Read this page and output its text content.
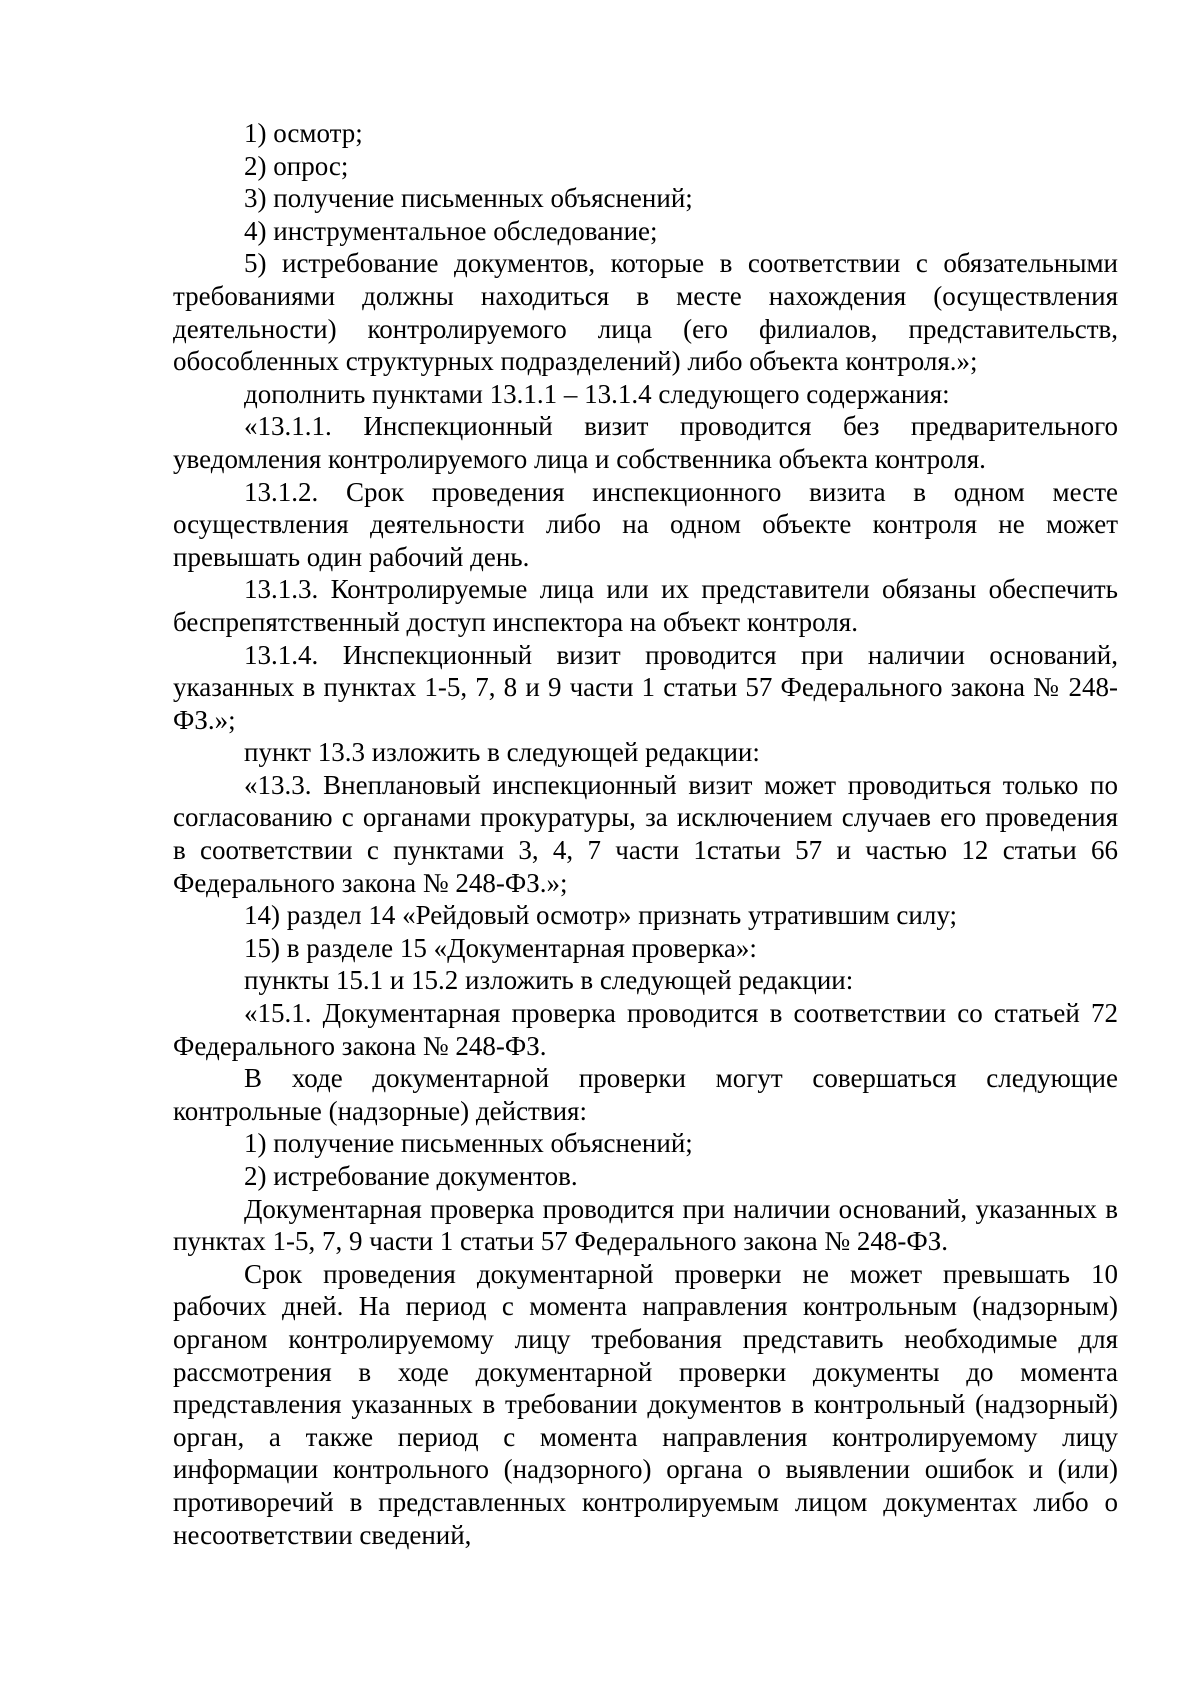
1) осмотр;

2) опрос;

3) получение письменных объяснений;

4) инструментальное обследование;

5) истребование документов, которые в соответствии с обязательными требованиями должны находиться в месте нахождения (осуществления деятельности) контролируемого лица (его филиалов, представительств, обособленных структурных подразделений) либо объекта контроля.»;

дополнить пунктами 13.1.1 – 13.1.4 следующего содержания:

«13.1.1. Инспекционный визит проводится без предварительного уведомления контролируемого лица и собственника объекта контроля.

13.1.2. Срок проведения инспекционного визита в одном месте осуществления деятельности либо на одном объекте контроля не может превышать один рабочий день.

13.1.3. Контролируемые лица или их представители обязаны обеспечить беспрепятственный доступ инспектора на объект контроля.

13.1.4. Инспекционный визит проводится при наличии оснований, указанных в пунктах 1-5, 7, 8 и 9 части 1 статьи 57 Федерального закона № 248-ФЗ.»;

пункт 13.3 изложить в следующей редакции:

«13.3. Внеплановый инспекционный визит может проводиться только по согласованию с органами прокуратуры, за исключением случаев его проведения в соответствии с пунктами 3, 4, 7 части 1статьи 57 и частью 12 статьи 66 Федерального закона № 248-ФЗ.»;

14) раздел 14 «Рейдовый осмотр» признать утратившим силу;

15) в разделе 15 «Документарная проверка»:

пункты 15.1 и 15.2 изложить в следующей редакции:

«15.1. Документарная проверка проводится в соответствии со статьей 72 Федерального закона № 248-ФЗ.

В ходе документарной проверки могут совершаться следующие контрольные (надзорные) действия:

1) получение письменных объяснений;

2) истребование документов.

Документарная проверка проводится при наличии оснований, указанных в пунктах 1-5, 7, 9 части 1 статьи 57 Федерального закона № 248-ФЗ.

Срок проведения документарной проверки не может превышать 10 рабочих дней. На период с момента направления контрольным (надзорным) органом контролируемому лицу требования представить необходимые для рассмотрения в ходе документарной проверки документы до момента представления указанных в требовании документов в контрольный (надзорный) орган, а также период с момента направления контролируемому лицу информации контрольного (надзорного) органа о выявлении ошибок и (или) противоречий в представленных контролируемым лицом документах либо о несоответствии сведений,
